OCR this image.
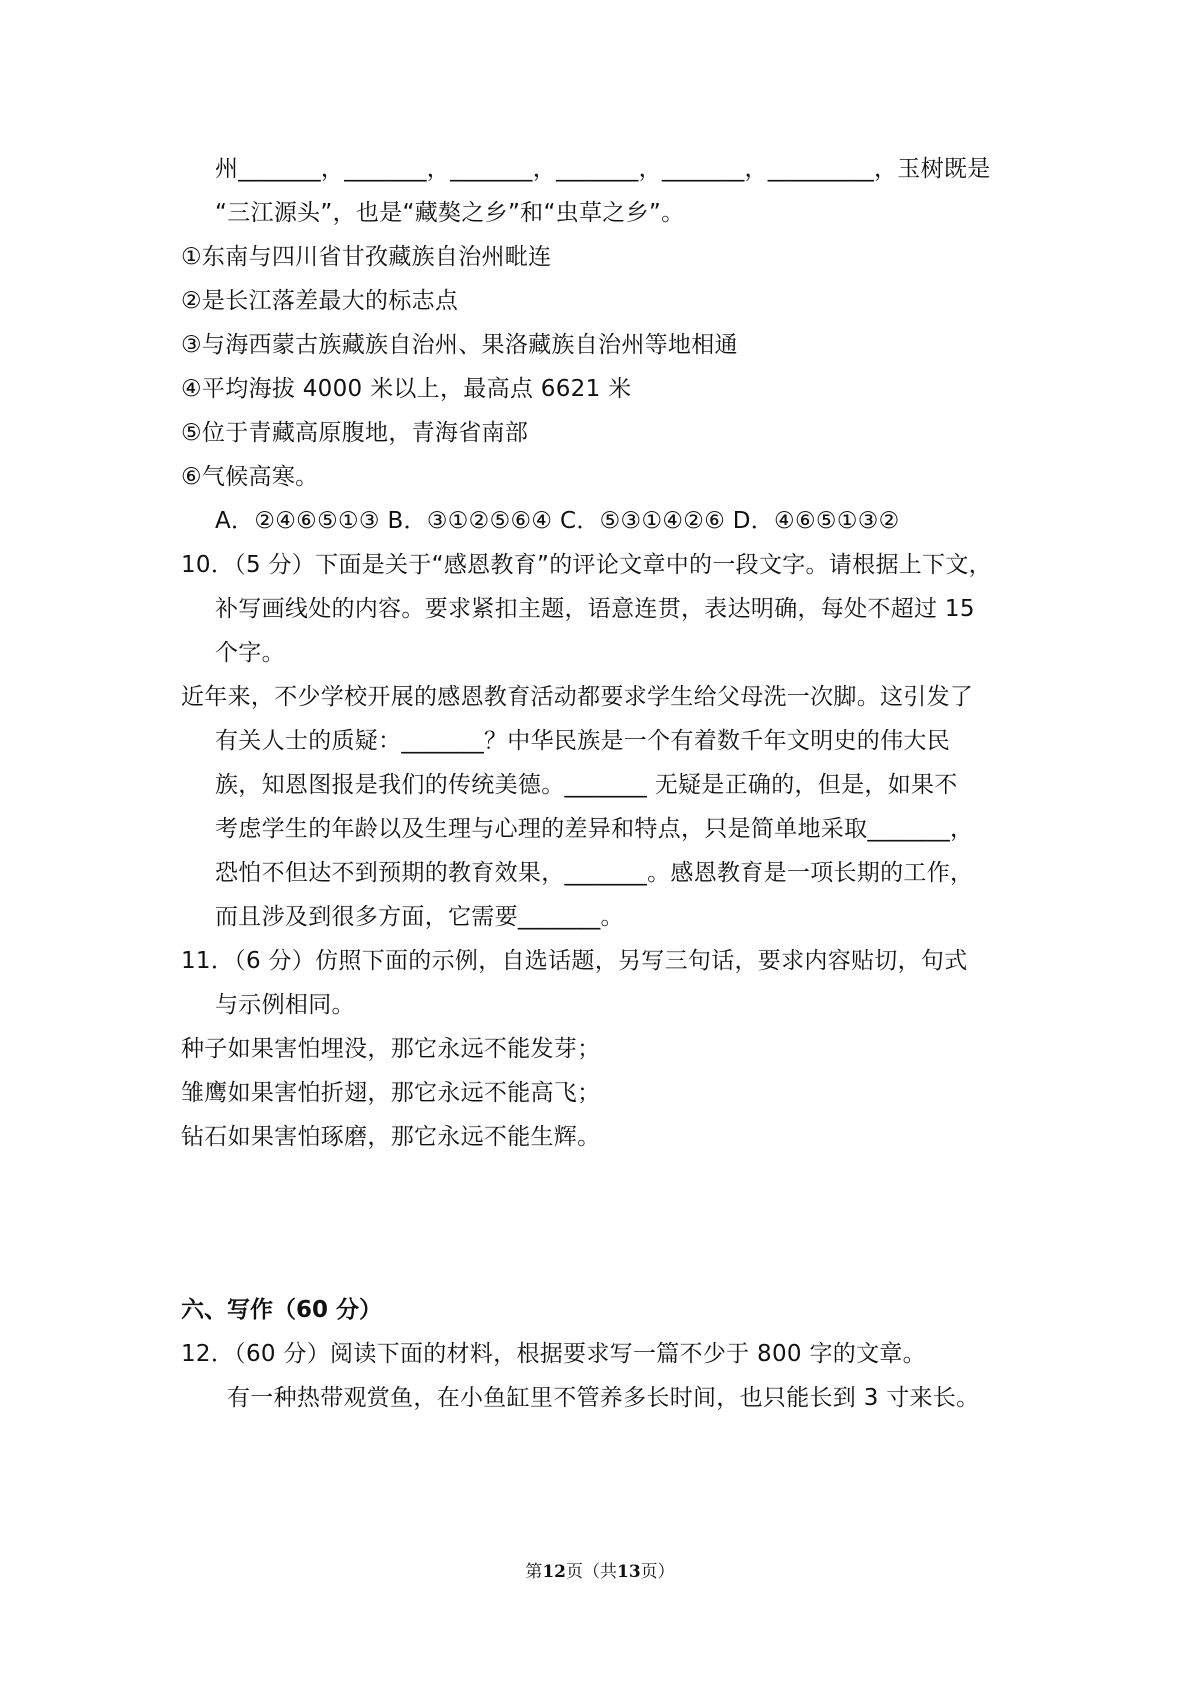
州_______，_______，_______，_______，_______，_________，玉树既是
“三江源头”，也是“藏獒之乡”和“虫草之乡”。
①东南与四川省甘孜藏族自治州毗连
②是长江落差最大的标志点
③与海西蒙古族藏族自治州、果洛藏族自治州等地相通
④平均海拔 4000 米以上，最高点 6621 米
⑤位于青藏高原腹地，青海省南部
⑥气候高寒。
A．②④⑥⑤①③ B．③①②⑤⑥④ C．⑤③①④②⑥ D．④⑥⑤①③②
10．（5 分）下面是关于“感恩教育”的评论文章中的一段文字。请根据上下文，
补写画线处的内容。要求紧扣主题，语意连贯，表达明确，每处不超过 15
个字。
近年来，不少学校开展的感恩教育活动都要求学生给父母洗一次脚。这引发了
有关人士的质疑：_______？中华民族是一个有着数千年文明史的伟大民
族，知恩图报是我们的传统美德。_______ 无疑是正确的，但是，如果不
考虑学生的年龄以及生理与心理的差异和特点，只是简单地采取_______，
恐怕不但达不到预期的教育效果，_______。感恩教育是一项长期的工作，
而且涉及到很多方面，它需要_______。
11．（6 分）仿照下面的示例，自选话题，另写三句话，要求内容贴切，句式
与示例相同。
种子如果害怕埋没，那它永远不能发芽；
雏鹰如果害怕折翅，那它永远不能高飞；
钻石如果害怕琢磨，那它永远不能生辉。
六、写作（60 分）
12．（60 分）阅读下面的材料，根据要求写一篇不少于 800 字的文章。
有一种热带观赏鱼，在小鱼缸里不管养多长时间，也只能长到 3 寸来长。
第12页（共13页）
